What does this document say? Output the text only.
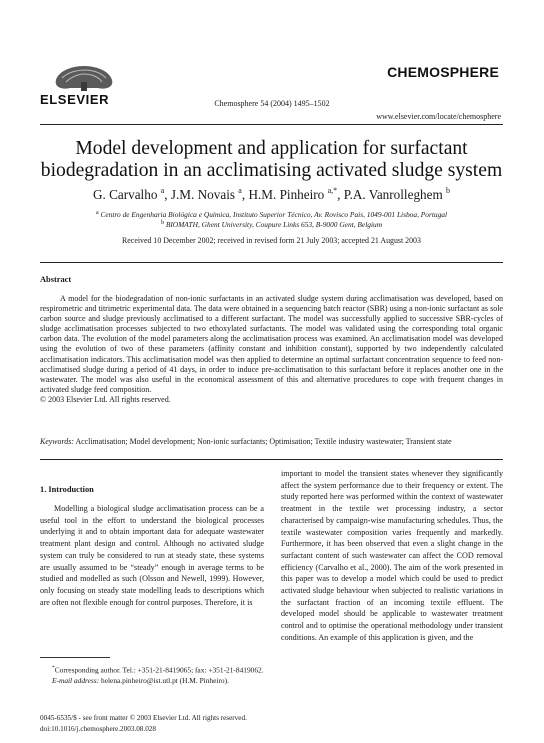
ELSEVIER	Chemosphere 54 (2004) 1495–1502
CHEMOSPHERE
www.elsevier.com/locate/chemosphere
Model development and application for surfactant
biodegradation in an acclimatising activated sludge system
G. Carvalho $^a$, J.M. Novais $^a$, H.M. Pinheiro $^{a,*}$, P.A. Vanrolleghem $^b$
$^a$ Centro de Engenharia Biológica e Química, Instituto Superior Técnico, Av. Rovisco Pais, 1049-001 Lisboa, Portugal
$^b$ BIOMATH, Ghent University, Coupure Links 653, B-9000 Gent, Belgium
Received 10 December 2002; received in revised form 21 July 2003; accepted 21 August 2003
Abstract

A model for the biodegradation of non-ionic surfactants in an activated sludge system during acclimatisation was developed, based on respirometric and titrimetric experimental data. The data were obtained in a sequencing batch reactor (SBR) using a non-ionic surfactant as sole carbon source and sludge previously acclimatised to a different surfactant. The model was successfully applied to successive SBR-cycles of sludge acclimatisation processes subjected to two ethoxylated surfactants. The model was validated using the corresponding total organic carbon data. The evolution of the model parameters along the acclimatisation process was examined. An acclimatisation model was developed using the evolution of two of these parameters (affinity constant and inhibition constant), supported by two independently calculated acclimatisation indicators. This acclimatisation model was then applied to determine an optimal surfactant concentration sequence to feed non-acclimatised sludge during a period of 41 days, in order to induce pre-acclimatisation to this surfactant before it replaces another one in the wastewater. The model was also useful in the economical assessment of this and alternative procedures to cope with frequent changes in activated sludge feed composition.

© 2003 Elsevier Ltd. All rights reserved.

Keywords: Acclimatisation; Model development; Non-ionic surfactants; Optimisation; Textile industry wastewater; Transient state
1. Introduction
Modelling a biological sludge acclimatisation process can be a useful tool in the effort to understand the biological processes underlying it and to obtain important data for adequate wastewater treatment plant design and control. Although no activated sludge system can truly be considered to run at steady state, these systems are usually assumed to be “steady” enough in average terms to be studied and modelled as such (Olsson and Newell, 1999). However, only focusing on steady state modelling leads to descriptions which are often not flexible enough for control purposes. Therefore, it is
important to model the transient states whenever they significantly affect the system performance due to their frequency or extent. The study reported here was performed within the context of wastewater treatment in the textile wet processing industry, a sector characterised by campaign-wise manufacturing schedules. Thus, the textile wastewater composition varies frequently and markedly. Furthermore, it has been observed that even a slight change in the surfactant content of such wastewater can affect the COD removal efficiency (Carvalho et al., 2000). The aim of the work presented in this paper was to develop a model which could be used to predict activated sludge behaviour when subjected to realistic variations in the surfactant fraction of an incoming textile effluent. The developed model should be applicable to wastewater treatment control and to optimise the operational methodology under transient conditions. An example of this application is given, and the

*Corresponding author. Tel.: +351-21-8419065; fax: +351-21-8419062.

E-mail address: helena.pinheiro@ist.utl.pt (H.M. Pinheiro).

0045-6535/$ - see front matter © 2003 Elsevier Ltd. All rights reserved.
doi:10.1016/j.chemosphere.2003.08.028
